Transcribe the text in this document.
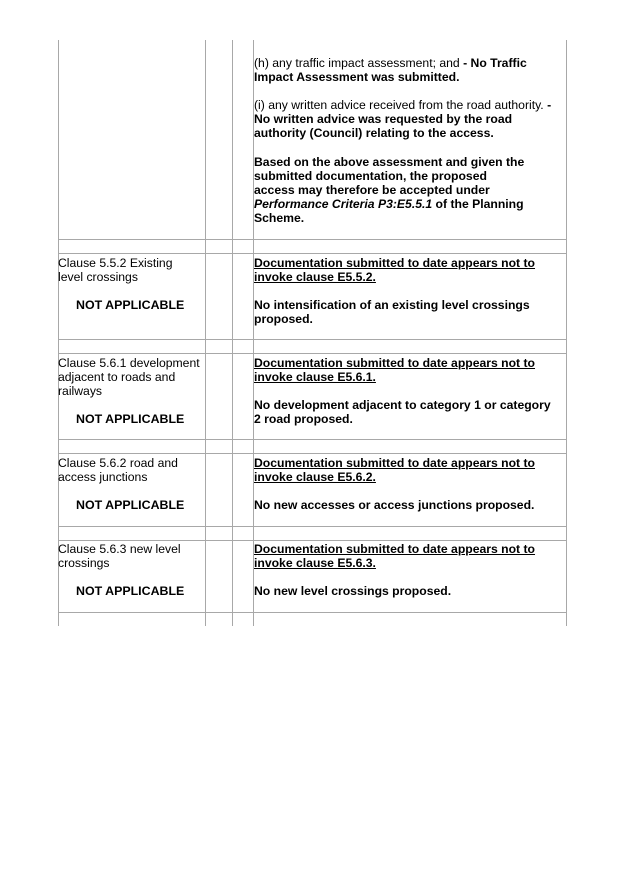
(h) any traffic impact assessment; and - No Traffic
Impact Assessment was submitted.
(i) any written advice received from the road authority. -
No written advice was requested by the road
authority (Council) relating to the access.
Based on the above assessment and given the
submitted documentation, the proposed
access may therefore be accepted under
Performance Criteria P3:E5.5.1 of the Planning
Scheme.
Clause 5.5.2 Existing
level crossings
NOT APPLICABLE
Documentation submitted to date appears not to
invoke clause E5.5.2.
No intensification of an existing level crossings
proposed.
Clause 5.6.1 development
adjacent to roads and
railways
NOT APPLICABLE
Documentation submitted to date appears not to
invoke clause E5.6.1.
No development adjacent to category 1 or category
2 road proposed.
Clause 5.6.2 road and
access junctions
NOT APPLICABLE
Documentation submitted to date appears not to
invoke clause E5.6.2.
No new accesses or access junctions proposed.
Clause 5.6.3 new level
crossings
NOT APPLICABLE
Documentation submitted to date appears not to
invoke clause E5.6.3.
No new level crossings proposed.
